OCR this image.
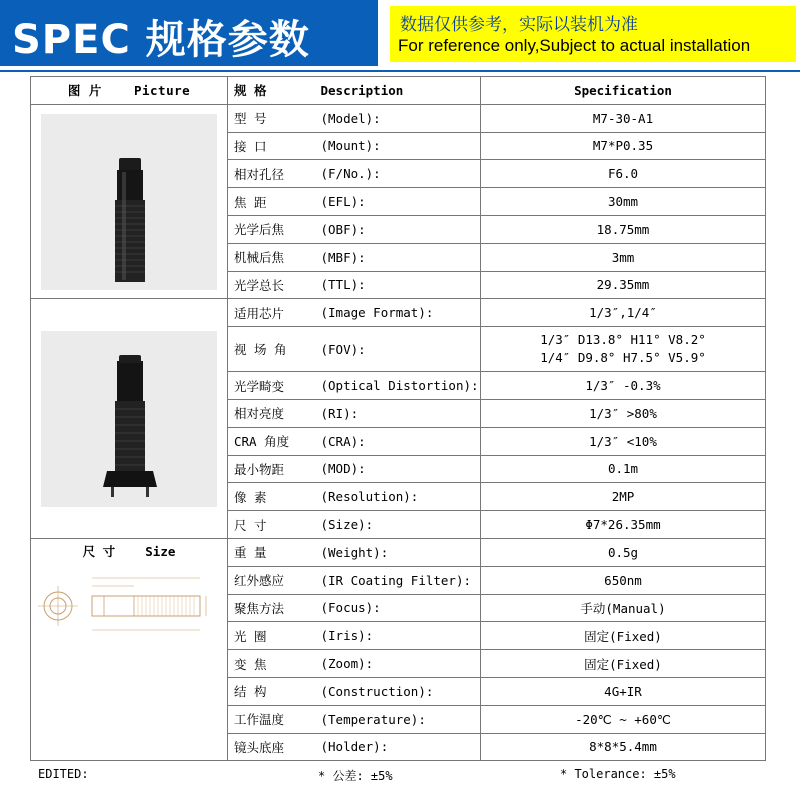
SPEC 规格参数	数据仅供参考，实际以装机为准
For reference only,Subject to actual installation
图 片 Picture	规 格	Description	Specification

	型 号	(Model):	M7-30-A1
	接 口	(Mount):	M7*P0.35
	相对孔径	(F/No.):	F6.0
	焦 距	(EFL):	30mm
	光学后焦	(OBF):	18.75mm
	机械后焦	(MBF):	3mm
	光学总长	(TTL):	29.35mm

	适用芯片	(Image Format):	1/3″,1/4″
	视 场 角	(FOV):	1/3″ D13.8° H11° V8.2°
1/4″ D9.8° H7.5° V5.9°

	光学畸变	(Optical Distortion):	1/3″ -0.3%
	相对亮度	(RI):	1/3″ >80%
	CRA 角度	(CRA):	1/3″ <10%
	最小物距	(MOD):	0.1m
	像 素	(Resolution):	2MP
	尺 寸	(Size):	Φ7*26.35mm

尺 寸 Size	重 量	(Weight):	0.5g
	红外感应	(IR Coating Filter):	650nm
	聚焦方法	(Focus):	手动(Manual)
	光 圈	(Iris):	固定(Fixed)
	变 焦	(Zoom):	固定(Fixed)
	结 构	(Construction):	4G+IR
	工作温度	(Temperature):	-20℃ ~ +60℃
	镜头底座	(Holder):	8*8*5.4mm
EDITED:	* 公差: ±5%	* Tolerance: ±5%
